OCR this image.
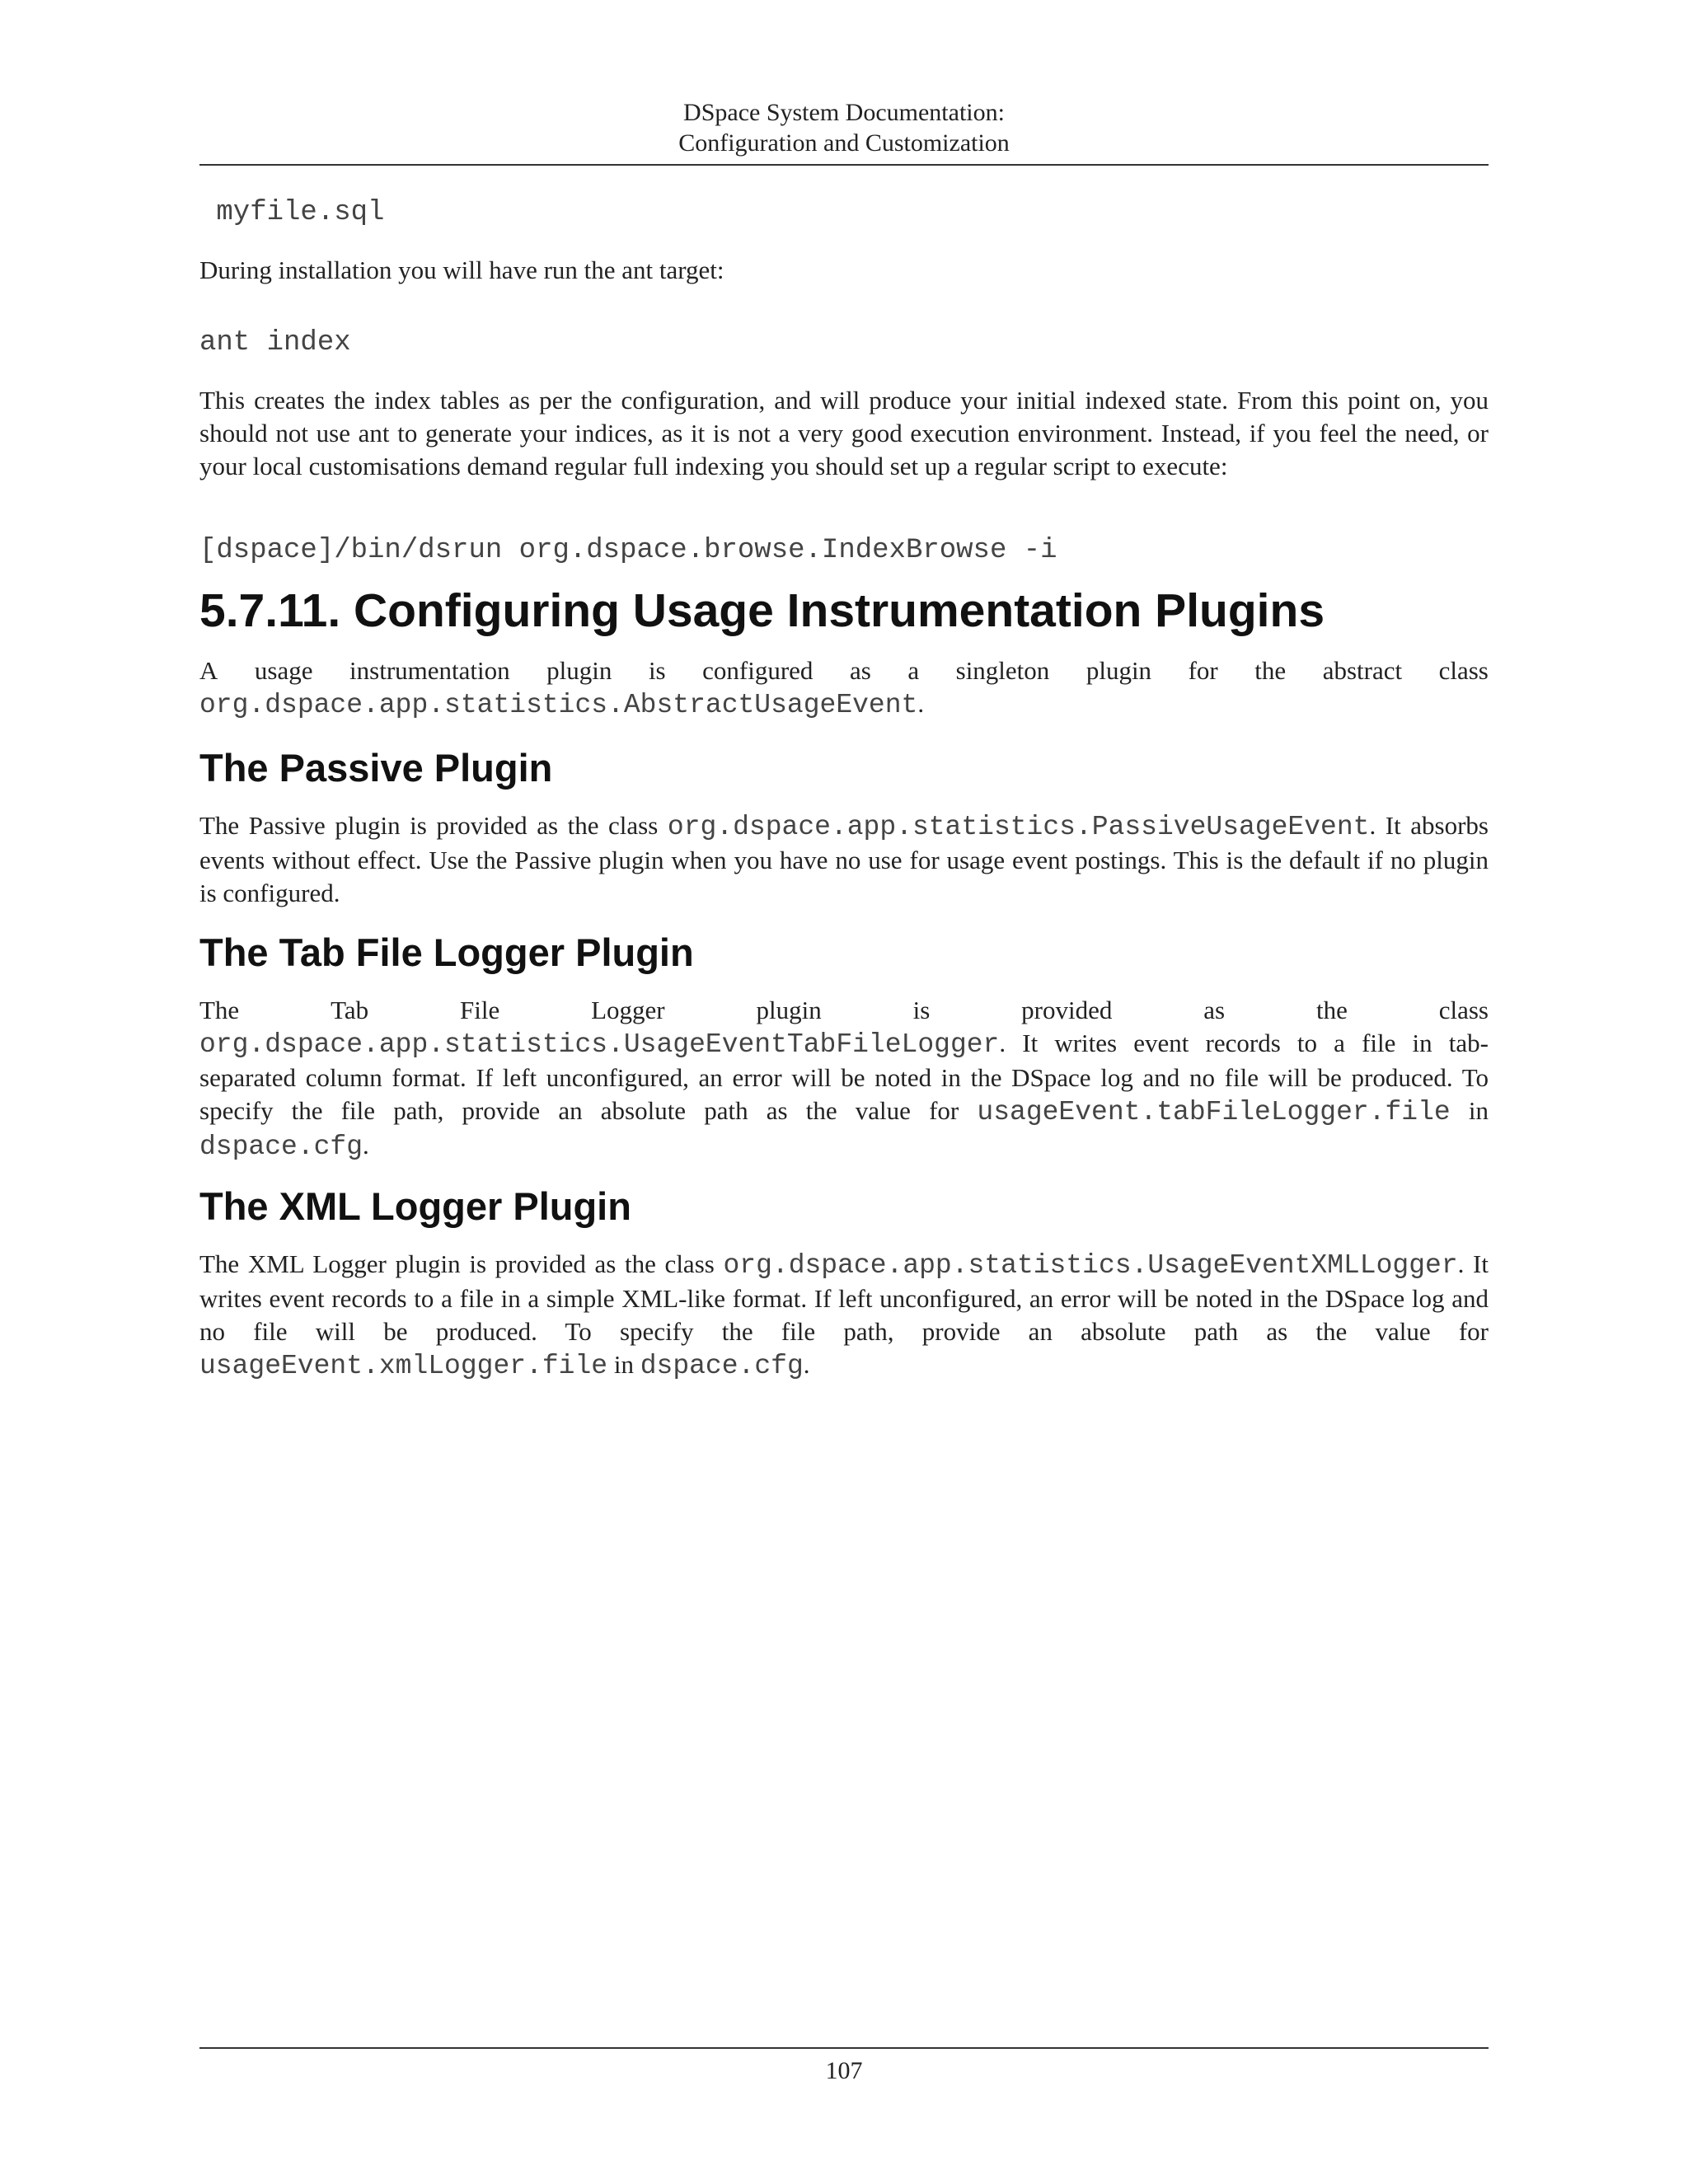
DSpace System Documentation:
Configuration and Customization
myfile.sql

During installation you will have run the ant target:

ant index

This creates the index tables as per the configuration, and will produce your initial indexed state. From this point on, you should not use ant to generate your indices, as it is not a very good execution environment. Instead, if you feel the need, or your local customisations demand regular full indexing you should set up a regular script to execute:

[dspace]/bin/dsrun org.dspace.browse.IndexBrowse -i
5.7.11. Configuring Usage Instrumentation Plugins
A usage instrumentation plugin is configured as a singleton plugin for the abstract class
org.dspace.app.statistics.AbstractUsageEvent.
The Passive Plugin

The Passive plugin is provided as the class org.dspace.app.statistics.PassiveUsageEvent. It absorbs events without effect. Use the Passive plugin when you have no use for usage event postings. This is the default if no plugin is configured.

The Tab File Logger Plugin
The	Tab	File	Logger	plugin	is	provided	as	the	class
org.dspace.app.statistics.UsageEventTabFileLogger. It writes event records to a file in tab-separated column format. If left unconfigured, an error will be noted in the DSpace log and no file will be produced. To specify the file path, provide an absolute path as the value for usageEvent.tabFileLogger.file in dspace.cfg.
The XML Logger Plugin

The XML Logger plugin is provided as the class org.dspace.app.statistics.UsageEventXMLLogger. It writes event records to a file in a simple XML-like format. If left unconfigured, an error will be noted in the DSpace log and no file will be produced. To specify the file path, provide an absolute path as the value for usageEvent.xmlLogger.file in dspace.cfg.

107
